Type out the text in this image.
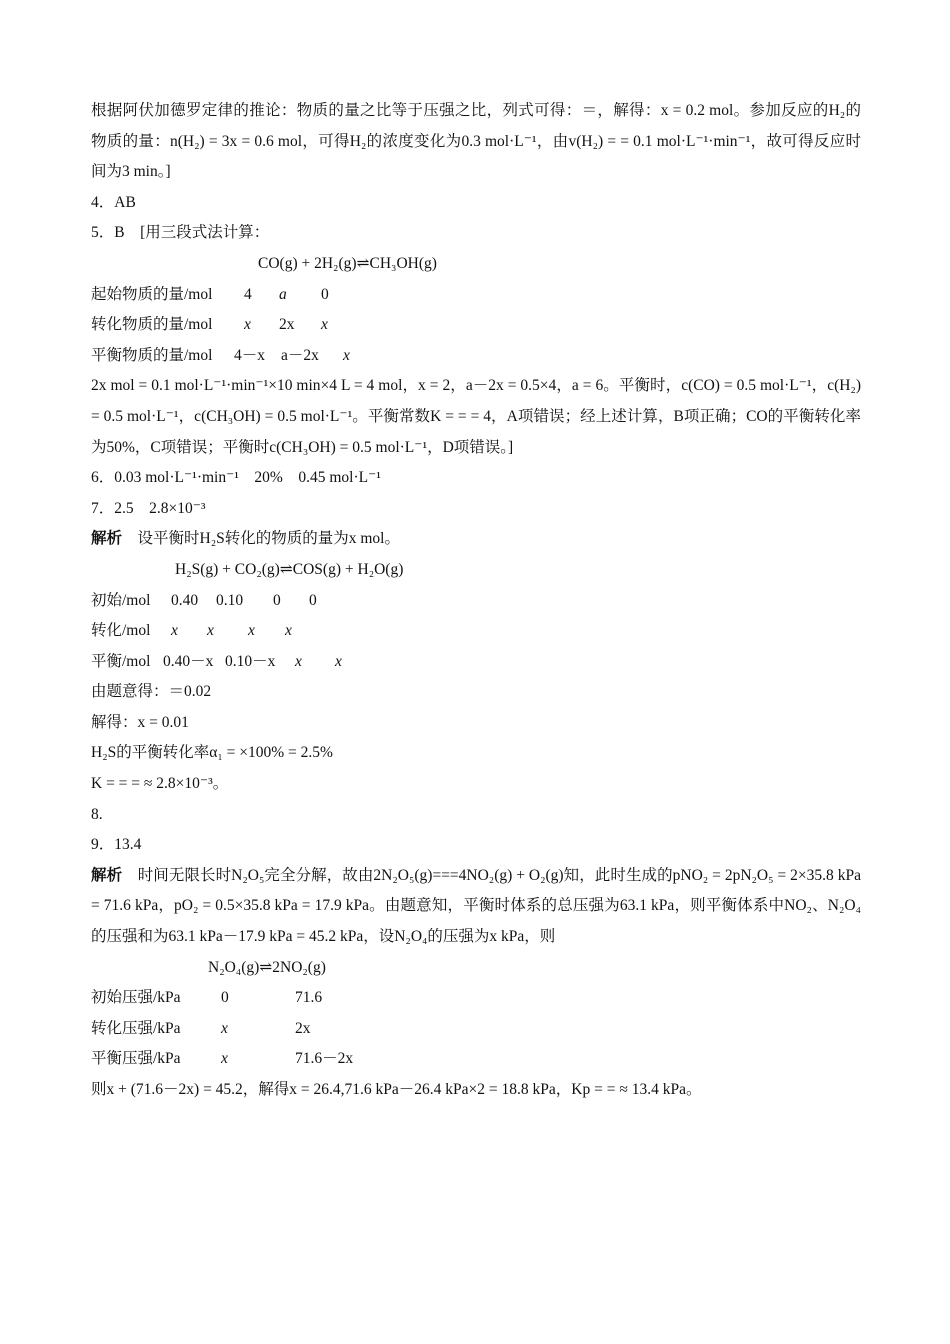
根据阿伏加德罗定律的推论：物质的量之比等于压强之比，列式可得：＝，解得：x = 0.2 mol。参加反应的H₂的物质的量：n(H₂) = 3x = 0.6 mol，可得H₂的浓度变化为0.3 mol·L⁻¹，由v(H₂) = = 0.1 mol·L⁻¹·min⁻¹，故可得反应时间为3 min。]

4．AB

5．B　[用三段式法计算：

CO(g) + 2H₂(g)⇌CH₃OH(g)

起始物质的量/mol 4 a 0

转化物质的量/mol x 2x x

平衡物质的量/mol 4－x a－2x x

2x mol = 0.1 mol·L⁻¹·min⁻¹×10 min×4 L = 4 mol，x = 2，a－2x = 0.5×4，a = 6。平衡时，c(CO) = 0.5 mol·L⁻¹，c(H₂) = 0.5 mol·L⁻¹，c(CH₃OH) = 0.5 mol·L⁻¹。平衡常数K = = = 4，A项错误；经上述计算，B项正确；CO的平衡转化率为50%，C项错误；平衡时c(CH₃OH) = 0.5 mol·L⁻¹，D项错误。]

6．0.03 mol·L⁻¹·min⁻¹　20%　0.45 mol·L⁻¹

7．2.5　2.8×10⁻³

解析　 设平衡时H₂S转化的物质的量为x mol。

H₂S(g) + CO₂(g)⇌COS(g) + H₂O(g)

初始/mol 0.40 0.10 0 0

转化/mol x x x x

平衡/mol 0.40－x 0.10－x x x

由题意得：＝0.02

解得：x = 0.01

H₂S的平衡转化率α₁ = ×100% = 2.5%

K = = = ≈ 2.8×10⁻³。

8.

9．13.4

解析　 时间无限长时N₂O₅完全分解，故由2N₂O₅(g)===4NO₂(g) + O₂(g)知，此时生成的pNO₂ = 2pN₂O₅ = 2×35.8 kPa = 71.6 kPa，pO₂ = 0.5×35.8 kPa = 17.9 kPa。由题意知，平衡时体系的总压强为63.1 kPa，则平衡体系中NO₂、N₂O₄的压强和为63.1 kPa－17.9 kPa = 45.2 kPa，设N₂O₄的压强为x kPa，则

N₂O₄(g)⇌2NO₂(g)

初始压强/kPa	0	71.6

转化压强/kPa	x	2x

平衡压强/kPa	x	71.6－2x

则x + (71.6－2x) = 45.2，解得x = 26.4,71.6 kPa－26.4 kPa×2 = 18.8 kPa，Kp = = ≈ 13.4 kPa。
